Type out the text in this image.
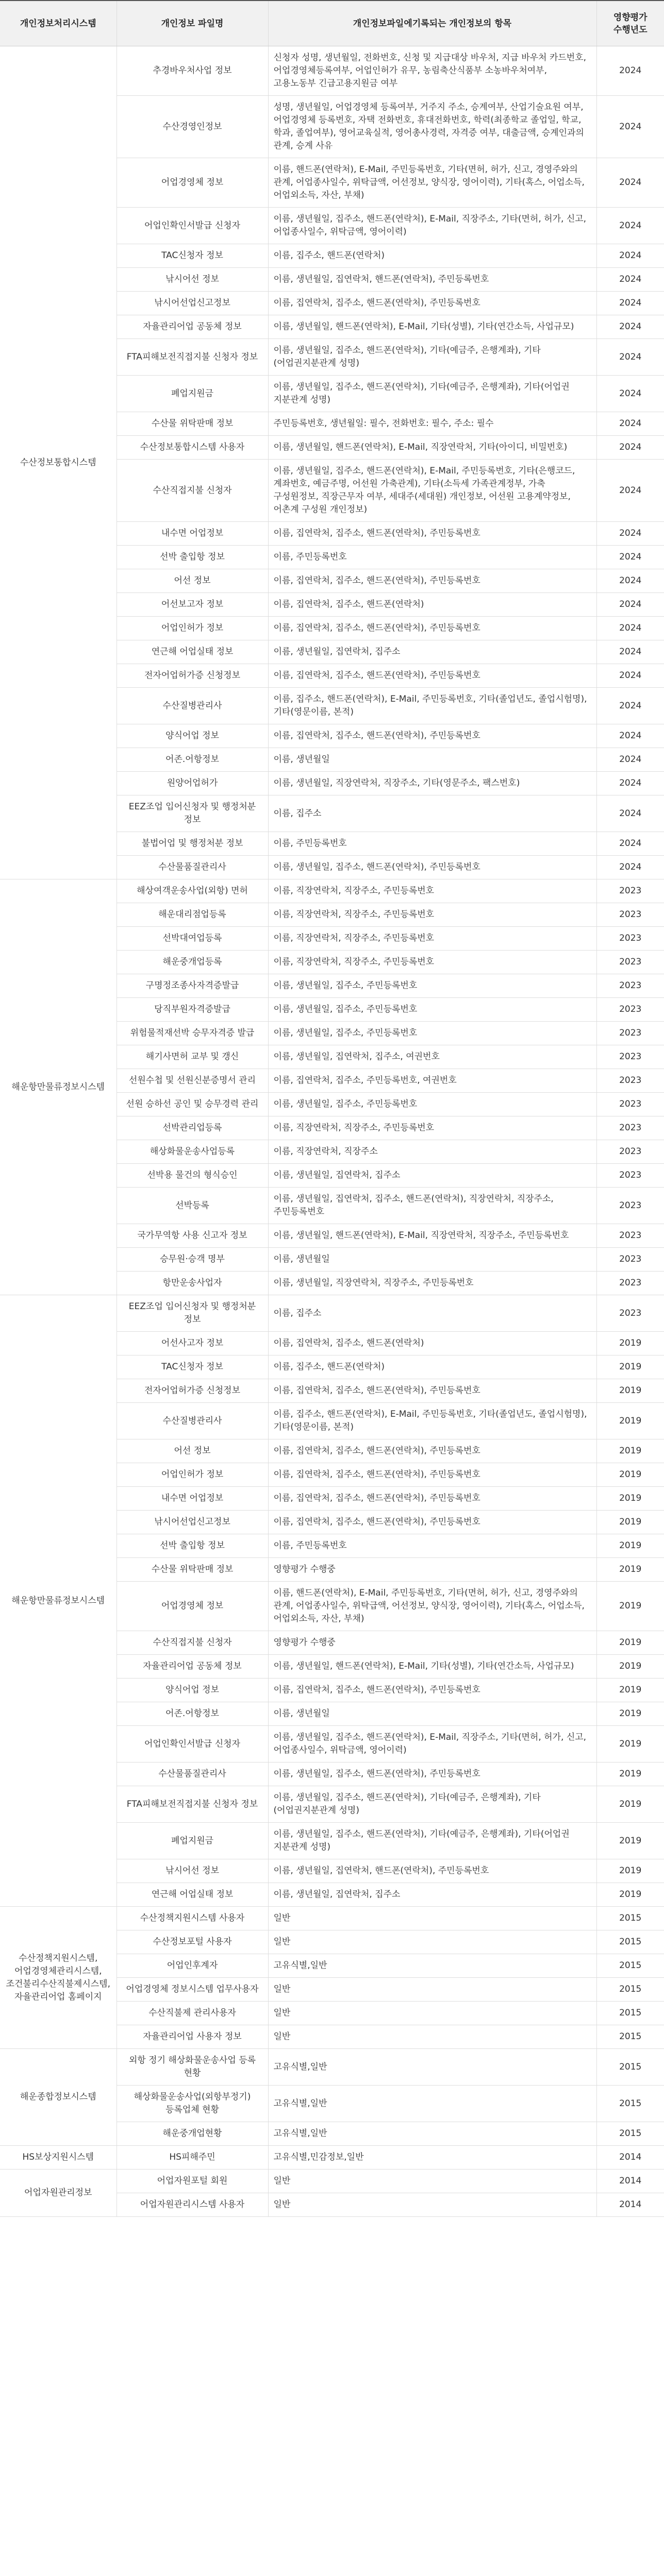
개인정보처리시스템	개인정보 파일명	개인정보파일에기록되는 개인정보의 항목	영향평가
수행년도
수산정보통합시스템	추경바우처사업 정보	신청자 성명, 생년월일, 전화번호, 신청 및 지급대상 바우처, 지급 바우처 카드번호, 어업경영체등록여부, 어업인허가 유무, 농림축산식품부 소농바우처여부, 고용노동부 긴급고용지원금 여부	2024
	수산경영인정보	성명, 생년월일, 어업경영체 등록여부, 거주지 주소, 승계여부, 산업기술요원 여부, 어업경영체 등록번호, 자택 전화번호, 휴대전화번호, 학력(최종학교 졸업일, 학교, 학과, 졸업여부), 영어교육실적, 영어총사경력, 자격증 여부, 대출금액, 승계인과의 관계, 승계 사유	2024
	어업경영체 정보	이름, 핸드폰(연락처), E-Mail, 주민등록번호, 기타(면허, 허가, 신고, 경영주와의 관계, 어업종사일수, 위탁급액, 어선정보, 양식장, 영어이력), 기타(혹스, 어업소득, 어업외소득, 자산, 부채)	2024
	어업인확인서발급 신청자	이름, 생년월일, 집주소, 핸드폰(연락처), E-Mail, 직장주소, 기타(면허, 허가, 신고, 어업종사일수, 위탁금액, 영어이력)	2024
	TAC신청자 정보	이름, 집주소, 핸드폰(연락처)	2024
	낚시어선 정보	이름, 생년월일, 집연락처, 핸드폰(연락처), 주민등록번호	2024
	낚시어선업신고정보	이름, 집연락처, 집주소, 핸드폰(연락처), 주민등록번호	2024
	자율관리어업 공동체 정보	이름, 생년월일, 핸드폰(연락처), E-Mail, 기타(성별), 기타(연간소득, 사업규모)	2024
	FTA피해보전직접지불 신청자 정보	이름, 생년월일, 집주소, 핸드폰(연락처), 기타(예금주, 은행계좌), 기타(어업권지분관계 성명)	2024
	폐업지원금	이름, 생년월일, 집주소, 핸드폰(연락처), 기타(예금주, 은행계좌), 기타(어업권 지분관계 성명)	2024
	수산물 위탁판매 정보	주민등록번호, 생년월일: 필수, 전화번호: 필수, 주소: 필수	2024
	수산정보통합시스템 사용자	이름, 생년월일, 핸드폰(연락처), E-Mail, 직장연락처, 기타(아이디, 비밀번호)	2024
	수산직접지불 신청자	이름, 생년월일, 집주소, 핸드폰(연락처), E-Mail, 주민등록번호, 기타(은행코드, 계좌번호, 예금주명, 어선원 가축관계), 기타(소득세 가족관계정부, 가축 구성원정보, 직장근무자 여부, 세대주(세대원) 개인정보, 어선원 고용계약정보, 어촌계 구성원 개인정보)	2024
	내수면 어업정보	이름, 집연락처, 집주소, 핸드폰(연락처), 주민등록번호	2024
	선박 출입항 정보	이름, 주민등록번호	2024
	어선 정보	이름, 집연락처, 집주소, 핸드폰(연락처), 주민등록번호	2024
	어선보고자 정보	이름, 집연락처, 집주소, 핸드폰(연락처)	2024
	어업인허가 정보	이름, 집연락처, 집주소, 핸드폰(연락처), 주민등록번호	2024
	연근해 어업실태 정보	이름, 생년월일, 집연락처, 집주소	2024
	전자어업허가증 신청정보	이름, 집연락처, 집주소, 핸드폰(연락처), 주민등록번호	2024
	수산질병관리사	이름, 집주소, 핸드폰(연락처), E-Mail, 주민등록번호, 기타(졸업년도, 졸업시험명), 기타(영문이름, 본적)	2024
	양식어업 정보	이름, 집연락처, 집주소, 핸드폰(연락처), 주민등록번호	2024
	어존.어항정보	이름, 생년월일	2024
	원양어업허가	이름, 생년월일, 직장연락처, 직장주소, 기타(영문주소, 팩스번호)	2024
	EEZ조업 입어신청자 및 행정처분 정보	이름, 집주소	2024
	불법어업 및 행정처분 정보	이름, 주민등록번호	2024
	수산물품질관리사	이름, 생년월일, 집주소, 핸드폰(연락처), 주민등록번호	2024
해운항만물류정보시스템	해상여객운송사업(외항) 면허	이름, 직장연락처, 직장주소, 주민등록번호	2023
	해운대리점업등록	이름, 직장연락처, 직장주소, 주민등록번호	2023
	선박대여업등록	이름, 직장연락처, 직장주소, 주민등록번호	2023
	해운중개업등록	이름, 직장연락처, 직장주소, 주민등록번호	2023
	구명정조종사자격증발급	이름, 생년월일, 집주소, 주민등록번호	2023
	당직부원자격증발급	이름, 생년월일, 집주소, 주민등록번호	2023
	위험물적재선박 승무자격증 발급	이름, 생년월일, 집주소, 주민등록번호	2023
	해기사면허 교부 및 갱신	이름, 생년월일, 집연락처, 집주소, 여권번호	2023
	선원수첩 및 선원신분증명서 관리	이름, 집연락처, 집주소, 주민등록번호, 여권번호	2023
	선원 승하선 공인 및 승무경력 관리	이름, 생년월일, 집주소, 주민등록번호	2023
	선박관리업등록	이름, 직장연락처, 직장주소, 주민등록번호	2023
	해상화물운송사업등록	이름, 직장연락처, 직장주소	2023
	선박용 물건의 형식승인	이름, 생년월일, 집연락처, 집주소	2023
	선박등록	이름, 생년월일, 집연락처, 집주소, 핸드폰(연락처), 직장연락처, 직장주소, 주민등록번호	2023
	국가무역항 사용 신고자 정보	이름, 생년월일, 핸드폰(연락처), E-Mail, 직장연락처, 직장주소, 주민등록번호	2023
	승무원·승객 명부	이름, 생년월일	2023
	항만운송사업자	이름, 생년월일, 직장연락처, 직장주소, 주민등록번호	2023
해운항만물류정보시스템	EEZ조업 입어신청자 및 행정처분 정보	이름, 집주소	2023
	어선사고자 정보	이름, 집연락처, 집주소, 핸드폰(연락처)	2019
	TAC신청자 정보	이름, 집주소, 핸드폰(연락처)	2019
	전자어업허가증 신청정보	이름, 집연락처, 집주소, 핸드폰(연락처), 주민등록번호	2019
	수산질병관리사	이름, 집주소, 핸드폰(연락처), E-Mail, 주민등록번호, 기타(졸업년도, 졸업시험명), 기타(영문이름, 본적)	2019
	어선 정보	이름, 집연락처, 집주소, 핸드폰(연락처), 주민등록번호	2019
	어업인허가 정보	이름, 집연락처, 집주소, 핸드폰(연락처), 주민등록번호	2019
	내수면 어업정보	이름, 집연락처, 집주소, 핸드폰(연락처), 주민등록번호	2019
	낚시어선업신고정보	이름, 집연락처, 집주소, 핸드폰(연락처), 주민등록번호	2019
	선박 출입항 정보	이름, 주민등록번호	2019
	수산물 위탁판매 정보	영향평가 수행중	2019
	어업경영체 정보	이름, 핸드폰(연락처), E-Mail, 주민등록번호, 기타(면허, 허가, 신고, 경영주와의 관계, 어업종사일수, 위탁급액, 어선정보, 양식장, 영어이력), 기타(혹스, 어업소득, 어업외소득, 자산, 부채)	2019
	수산직접지불 신청자	영향평가 수행중	2019
	자율관리어업 공동체 정보	이름, 생년월일, 핸드폰(연락처), E-Mail, 기타(성별), 기타(연간소득, 사업규모)	2019
	양식어업 정보	이름, 집연락처, 집주소, 핸드폰(연락처), 주민등록번호	2019
	어존.어항정보	이름, 생년월일	2019
	어업인확인서발급 신청자	이름, 생년월일, 집주소, 핸드폰(연락처), E-Mail, 직장주소, 기타(면허, 허가, 신고, 어업종사일수, 위탁금액, 영어이력)	2019
	수산물품질관리사	이름, 생년월일, 집주소, 핸드폰(연락처), 주민등록번호	2019
	FTA피해보전직접지불 신청자 정보	이름, 생년월일, 집주소, 핸드폰(연락처), 기타(예금주, 은행계좌), 기타(어업권지분관계 성명)	2019
	폐업지원금	이름, 생년월일, 집주소, 핸드폰(연락처), 기타(예금주, 은행계좌), 기타(어업권 지분관계 성명)	2019
	낚시어선 정보	이름, 생년월일, 집연락처, 핸드폰(연락처), 주민등록번호	2019
	연근해 어업실태 정보	이름, 생년월일, 집연락처, 집주소	2019
수산정책지원시스템, 어업경영체관리시스템, 조건불리수산직불제시스템, 자율관리어업 홈페이지	수산정책지원시스템 사용자	일반	2015
	수산정보포털 사용자	일반	2015
	어업인후계자	고유식별,일반	2015
	어업경영체 정보시스템 업무사용자	일반	2015
	수산직불제 관리사용자	일반	2015
	자율관리어업 사용자 정보	일반	2015
해운종합정보시스템	외항 정기 해상화물운송사업 등록 현황	고유식별,일반	2015
	해상화물운송사업(외항부정기) 등록업체 현황	고유식별,일반	2015
	해운중개업현황	고유식별,일반	2015
HS보상지원시스템	HS피해주민	고유식별,민감정보,일반	2014
어업자원관리정보	어업자원포털 회원	일반	2014
	어업자원관리시스템 사용자	일반	2014
